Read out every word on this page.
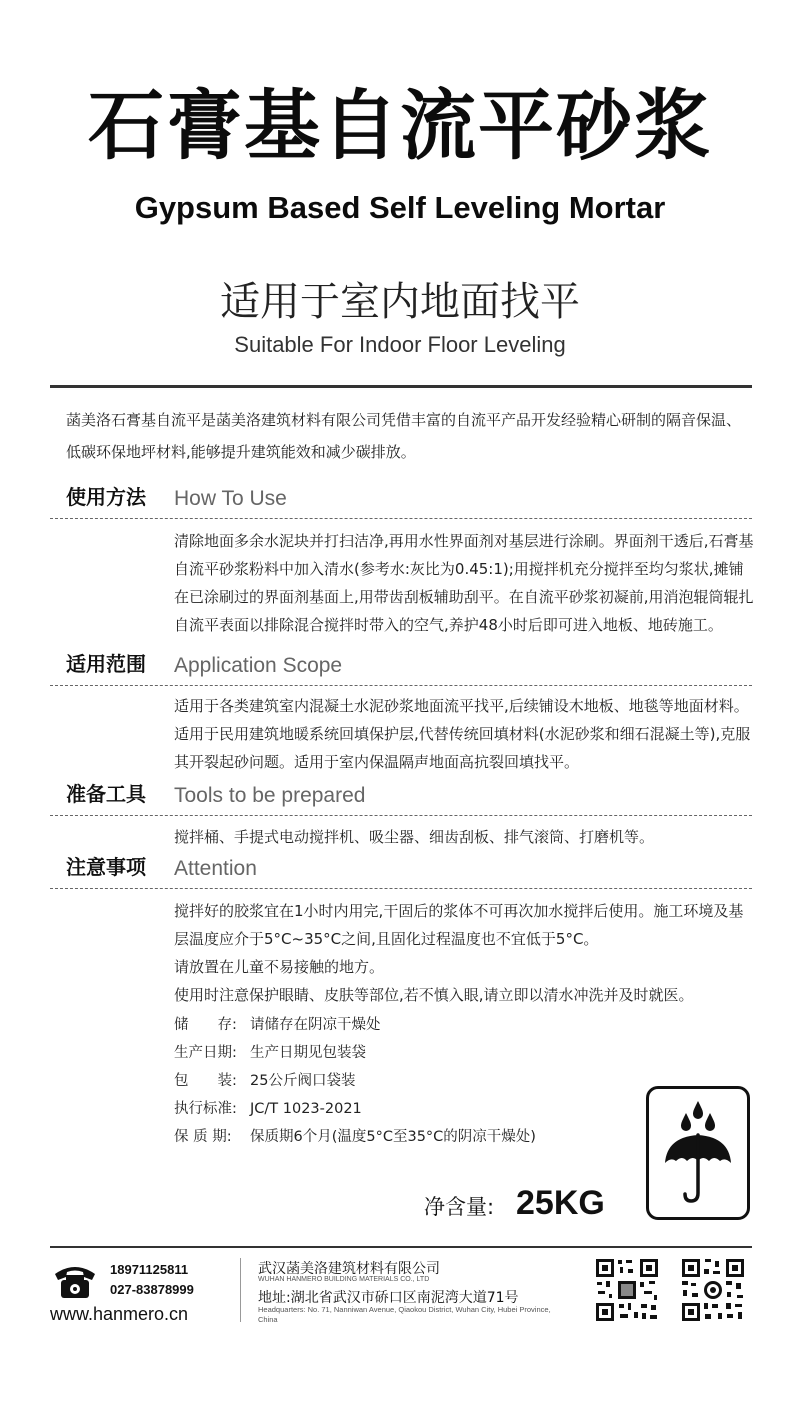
石膏基自流平砂浆
Gypsum Based Self Leveling Mortar
适用于室内地面找平
Suitable For Indoor Floor Leveling
菡美洛石膏基自流平是菡美洛建筑材料有限公司凭借丰富的自流平产品开发经验精心研制的隔音保温、低碳环保地坪材料,能够提升建筑能效和减少碳排放。
使用方法 How To Use
清除地面多余水泥块并打扫洁净,再用水性界面剂对基层进行涂刷。界面剂干透后,石膏基自流平砂浆粉料中加入清水(参考水:灰比为0.45:1);用搅拌机充分搅拌至均匀浆状,摊铺在已涂刷过的界面剂基面上,用带齿刮板辅助刮平。在自流平砂浆初凝前,用消泡辊筒辊扎自流平表面以排除混合搅拌时带入的空气,养护48小时后即可进入地板、地砖施工。
适用范围 Application Scope
适用于各类建筑室内混凝土水泥砂浆地面流平找平,后续铺设木地板、地毯等地面材料。适用于民用建筑地暖系统回填保护层,代替传统回填材料(水泥砂浆和细石混凝土等),克服其开裂起砂问题。适用于室内保温隔声地面高抗裂回填找平。
准备工具 Tools to be prepared
搅拌桶、手提式电动搅拌机、吸尘器、细齿刮板、排气滚筒、打磨机等。
注意事项 Attention

搅拌好的胶浆宜在1小时内用完,干固后的浆体不可再次加水搅拌后使用。施工环境及基层温度应介于5°C~35°C之间,且固化过程温度也不宜低于5°C。

请放置在儿童不易接触的地方。

使用时注意保护眼睛、皮肤等部位,若不慎入眼,请立即以清水冲洗并及时就医。

储　　存: 请储存在阴凉干燥处
生产日期: 生产日期见包装袋
包　　装: 25公斤阀口袋装
执行标准: JC/T 1023-2021
保 质 期:	保质期6个月(温度5°C至35°C的阴凉干燥处)
净含量: 25KG
18971125811
027-83878999
www.hanmero.cn
武汉菡美洛建筑材料有限公司
WUHAN HANMERO BUILDING MATERIALS CO., LTD
地址:湖北省武汉市硚口区南泥湾大道71号
Headquarters: No. 71, Nanniwan Avenue, Qiaokou District, Wuhan City, Hubei Province, China
